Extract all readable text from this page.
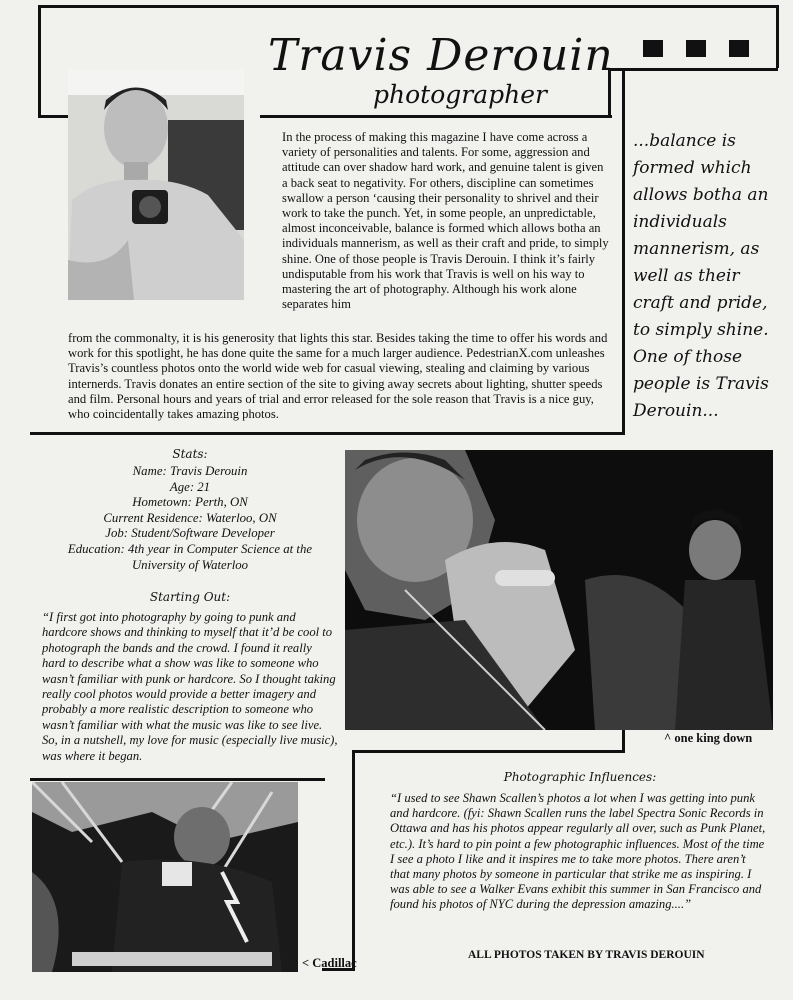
Travis Derouin
photographer
In the process of making this magazine I have come across a variety of personalities and talents. For some, aggression and attitude can over shadow hard work, and genuine talent is given a back seat to negativity. For others, discipline can sometimes swallow a person ‘causing their personality to shrivel and their work to take the punch. Yet, in some people, an unpredictable, almost inconceivable, balance is formed which allows botha an individuals mannerism, as well as their craft and pride, to simply shine. One of those people is Travis Derouin. I think it’s fairly undisputable from his work that Travis is well on his way to mastering the art of photography. Although his work alone separates him
from the commonalty, it is his generosity that lights this star. Besides taking the time to offer his words and work for this spotlight, he has done quite the same for a much larger audience. PedestrianX.com unleashes Travis’s countless photos onto the world wide web for casual viewing, stealing and claiming by various internerds. Travis donates an entire section of the site to giving away secrets about lighting, shutter speeds and film. Personal hours and years of trial and error released for the sole reason that Travis is a nice guy, who coincidentally takes amazing photos.
...balance is formed which allows botha an individuals mannerism, as well as their craft and pride, to simply shine. One of those people is Travis Derouin...
Stats:
Name: Travis Derouin
Age: 21
Hometown: Perth, ON
Current Residence: Waterloo, ON
Job: Student/Software Developer
Education: 4th year in Computer Science at the University of Waterloo
Starting Out:
“I first got into photography by going to punk and hardcore shows and thinking to myself that it’d be cool to photograph the bands and the crowd. I found it really hard to describe what a show was like to someone who wasn’t familiar with punk or hardcore. So I thought taking really cool photos would provide a better imagery and probably a more realistic description to someone who wasn’t familiar with what the music was like to see live. So, in a nutshell, my love for music (especially live music), was where it began.
^ one king down
Photographic Influences:
“I used to see Shawn Scallen’s photos a lot when I was getting into punk and hardcore. (fyi: Shawn Scallen runs the label Spectra Sonic Records in Ottawa and has his photos appear regularly all over, such as Punk Planet, etc.). It’s hard to pin point a few photographic influences. Most of the time I see a photo I like and it inspires me to take more photos. There aren’t that many photos by someone in particular that strike me as inspiring. I was able to see a Walker Evans exhibit this summer in San Francisco and found his photos of NYC during the depression amazing....”
< Cadillac
ALL PHOTOS TAKEN BY TRAVIS DEROUIN
